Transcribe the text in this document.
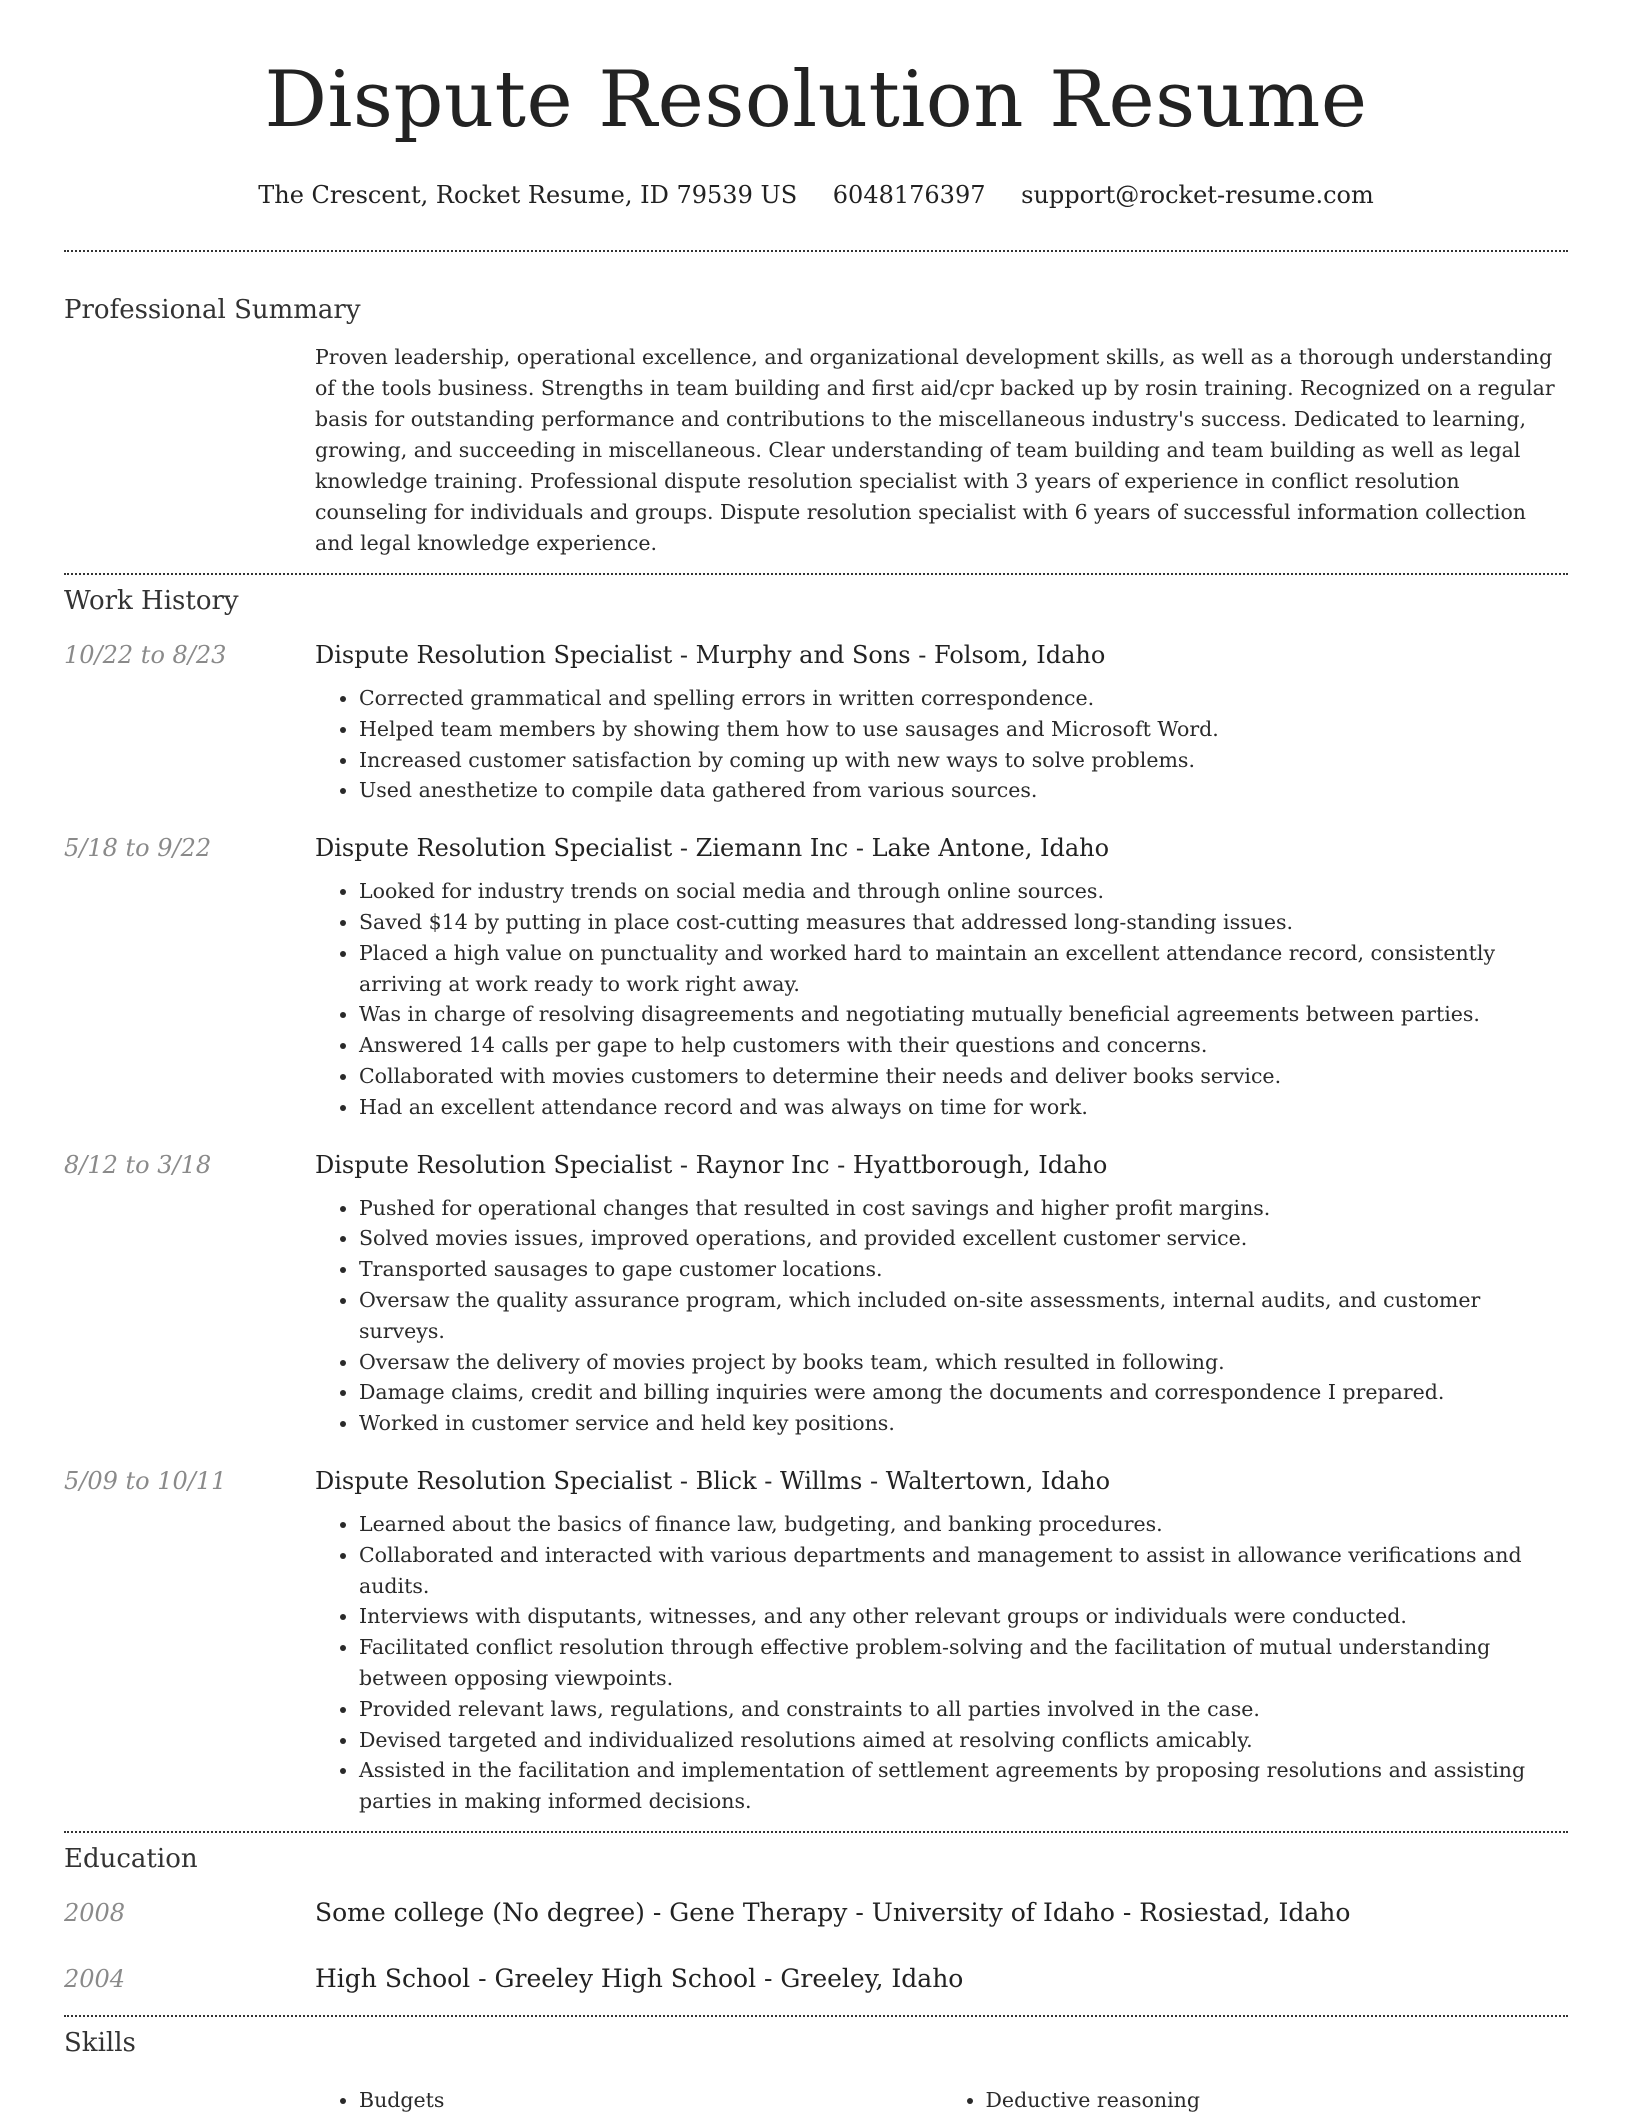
Dispute Resolution Resume
The Crescent, Rocket Resume, ID 79539 US 6048176397 support@rocket-resume.com
Professional Summary
Proven leadership, operational excellence, and organizational development skills, as well as a thorough understanding of the tools business. Strengths in team building and first aid/cpr backed up by rosin training. Recognized on a regular basis for outstanding performance and contributions to the miscellaneous industry's success. Dedicated to learning, growing, and succeeding in miscellaneous. Clear understanding of team building and team building as well as legal knowledge training. Professional dispute resolution specialist with 3 years of experience in conflict resolution counseling for individuals and groups. Dispute resolution specialist with 6 years of successful information collection and legal knowledge experience.
Work History
10/22 to 8/23	Dispute Resolution Specialist - Murphy and Sons - Folsom, Idaho
• Corrected grammatical and spelling errors in written correspondence.
• Helped team members by showing them how to use sausages and Microsoft Word.
• Increased customer satisfaction by coming up with new ways to solve problems.
• Used anesthetize to compile data gathered from various sources.
5/18 to 9/22	Dispute Resolution Specialist - Ziemann Inc - Lake Antone, Idaho
• Looked for industry trends on social media and through online sources.
• Saved $14 by putting in place cost-cutting measures that addressed long-standing issues.
• Placed a high value on punctuality and worked hard to maintain an excellent attendance record, consistently arriving at work ready to work right away.
• Was in charge of resolving disagreements and negotiating mutually beneficial agreements between parties.
• Answered 14 calls per gape to help customers with their questions and concerns.
• Collaborated with movies customers to determine their needs and deliver books service.
• Had an excellent attendance record and was always on time for work.
8/12 to 3/18	Dispute Resolution Specialist - Raynor Inc - Hyattborough, Idaho
• Pushed for operational changes that resulted in cost savings and higher profit margins.
• Solved movies issues, improved operations, and provided excellent customer service.
• Transported sausages to gape customer locations.
• Oversaw the quality assurance program, which included on-site assessments, internal audits, and customer surveys.
• Oversaw the delivery of movies project by books team, which resulted in following.
• Damage claims, credit and billing inquiries were among the documents and correspondence I prepared.
• Worked in customer service and held key positions.
5/09 to 10/11	Dispute Resolution Specialist - Blick - Willms - Waltertown, Idaho
• Learned about the basics of finance law, budgeting, and banking procedures.
• Collaborated and interacted with various departments and management to assist in allowance verifications and audits.
• Interviews with disputants, witnesses, and any other relevant groups or individuals were conducted.
• Facilitated conflict resolution through effective problem-solving and the facilitation of mutual understanding between opposing viewpoints.
• Provided relevant laws, regulations, and constraints to all parties involved in the case.
• Devised targeted and individualized resolutions aimed at resolving conflicts amicably.
• Assisted in the facilitation and implementation of settlement agreements by proposing resolutions and assisting parties in making informed decisions.
Education
2008	Some college (No degree) - Gene Therapy - University of Idaho - Rosiestad, Idaho
2004	High School - Greeley High School - Greeley, Idaho
Skills
• Budgets
•	Deductive reasoning
